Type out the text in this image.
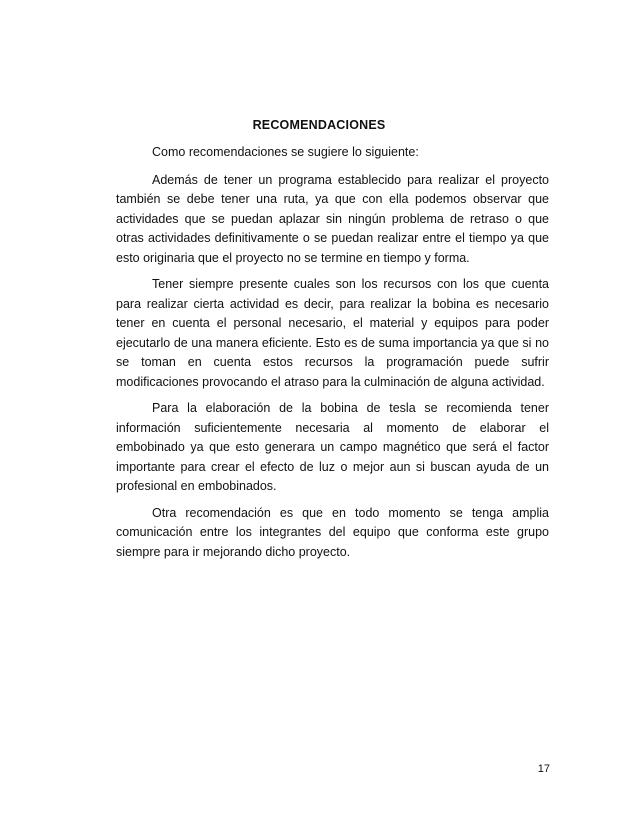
RECOMENDACIONES

Como recomendaciones se sugiere lo siguiente:

Además de tener un programa establecido para realizar el proyecto también se debe tener una ruta, ya que con ella podemos observar que actividades que se puedan aplazar sin ningún problema de retraso o que otras actividades definitivamente o se puedan realizar entre el tiempo ya que esto originaria que el proyecto no se termine en tiempo y forma.

Tener siempre presente cuales son los recursos con los que cuenta para realizar cierta actividad es decir, para realizar la bobina es necesario tener en cuenta el personal necesario, el material y equipos para poder ejecutarlo de una manera eficiente. Esto es de suma importancia ya que si no se toman en cuenta estos recursos la programación puede sufrir modificaciones provocando el atraso para la culminación de alguna actividad.

Para la elaboración de la bobina de tesla se recomienda tener información suficientemente necesaria al momento de elaborar el embobinado ya que esto generara un campo magnético que será el factor importante para crear el efecto de luz o mejor aun si buscan ayuda de un profesional en embobinados.

Otra recomendación es que en todo momento se tenga amplia comunicación entre los integrantes del equipo que conforma este grupo siempre para ir mejorando dicho proyecto.

17
